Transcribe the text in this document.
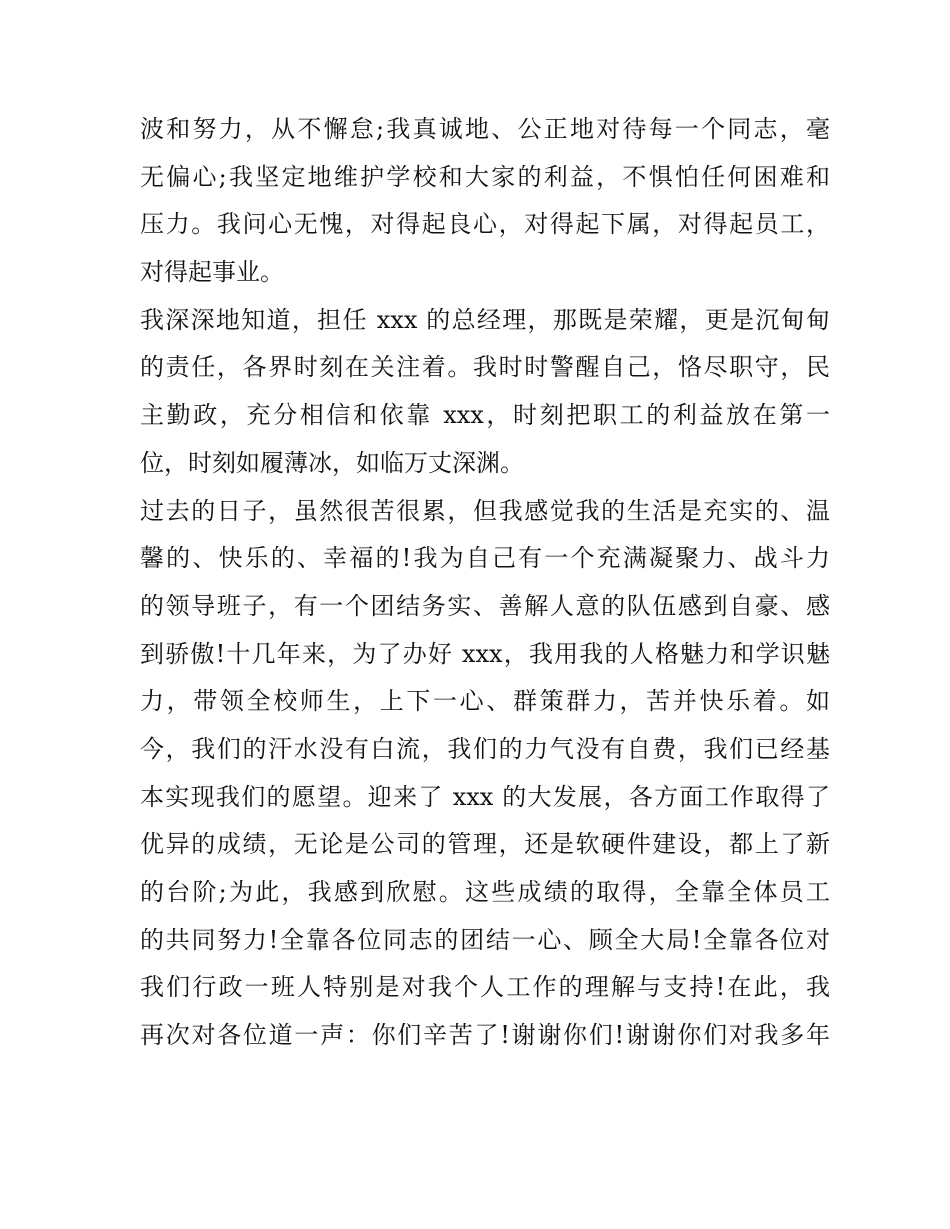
波和努力，从不懈怠;我真诚地、公正地对待每一个同志，毫
无偏心;我坚定地维护学校和大家的利益，不惧怕任何困难和
压力。我问心无愧，对得起良心，对得起下属，对得起员工，
对得起事业。
我深深地知道，担任 xxx 的总经理，那既是荣耀，更是沉甸甸
的责任，各界时刻在关注着。我时时警醒自己，恪尽职守，民
主勤政，充分相信和依靠 xxx，时刻把职工的利益放在第一
位，时刻如履薄冰，如临万丈深渊。
过去的日子，虽然很苦很累，但我感觉我的生活是充实的、温
馨的、快乐的、幸福的!我为自己有一个充满凝聚力、战斗力
的领导班子，有一个团结务实、善解人意的队伍感到自豪、感
到骄傲!十几年来，为了办好 xxx，我用我的人格魅力和学识魅
力，带领全校师生，上下一心、群策群力，苦并快乐着。如
今，我们的汗水没有白流，我们的力气没有自费，我们已经基
本实现我们的愿望。迎来了 xxx 的大发展，各方面工作取得了
优异的成绩，无论是公司的管理，还是软硬件建设，都上了新
的台阶;为此，我感到欣慰。这些成绩的取得，全靠全体员工
的共同努力!全靠各位同志的团结一心、顾全大局!全靠各位对
我们行政一班人特别是对我个人工作的理解与支持!在此，我
再次对各位道一声：你们辛苦了!谢谢你们!谢谢你们对我多年
